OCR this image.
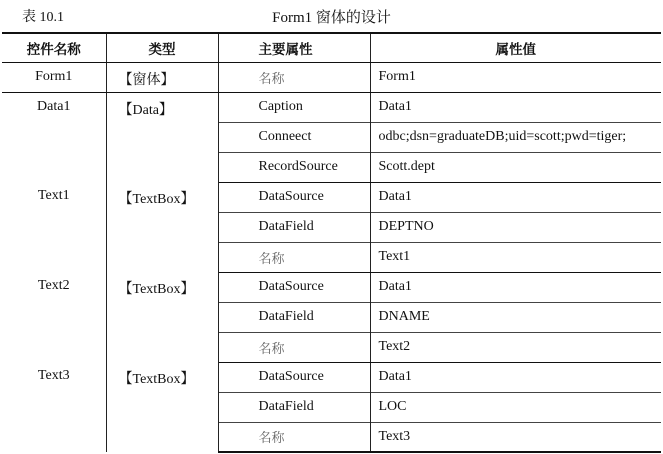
表 10.1	Form1 窗体的设计
控件名称	类型	主要属性	属性值
Form1	【窗体】	名称	Form1
Data1	【Data】	Caption	Data1
		Conneect	odbc;dsn=graduateDB;uid=scott;pwd=tiger;
		RecordSource	Scott.dept
Text1	【TextBox】	DataSource	Data1
		DataField	DEPTNO
		名称	Text1
Text2	【TextBox】	DataSource	Data1
		DataField	DNAME
		名称	Text2
Text3	【TextBox】	DataSource	Data1
		DataField	LOC
		名称	Text3
